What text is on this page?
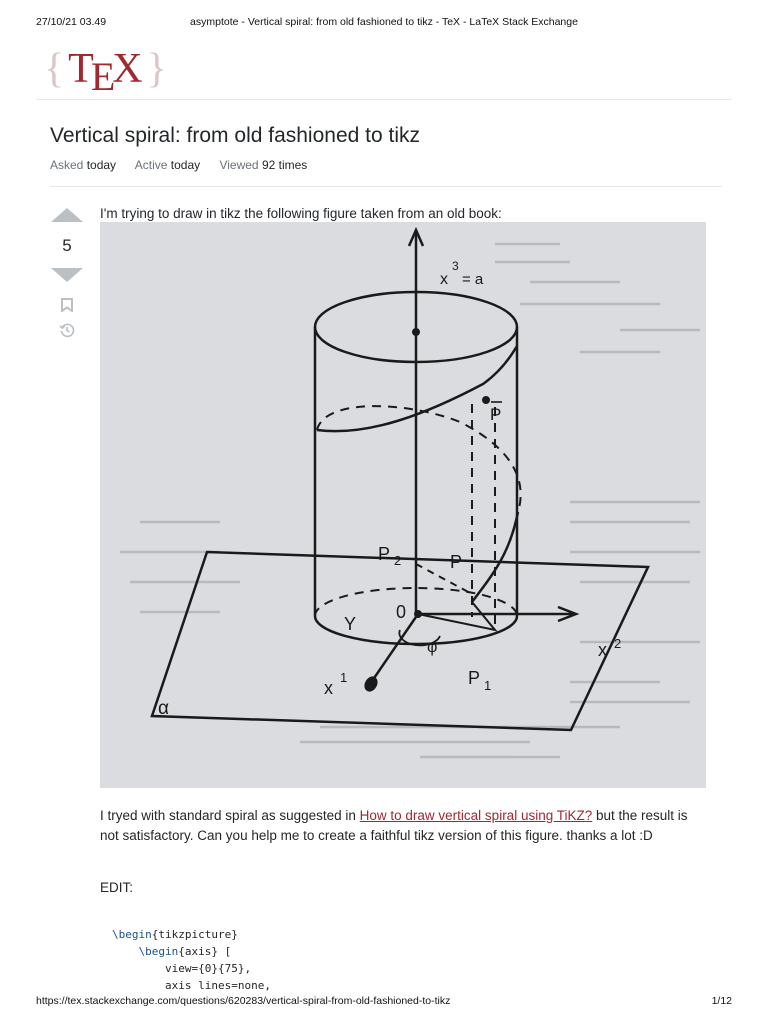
27/10/21 03.49	asymptote - Vertical spiral: from old fashioned to tikz - TeX - LaTeX Stack Exchange
{ TEX }
Vertical spiral: from old fashioned to tikz
Asked today Active today Viewed 92 times
5

I'm trying to draw in tikz the following figure taken from an old book:

x
3
= a
P
P 2	P
Y
0
φ	x 2
x
1	P 1
α

I tryed with standard spiral as suggested in How to draw vertical spiral using TiKZ? but the result is not satisfactory. Can you help me to create a faithful tikz version of this figure. thanks a lot :D

EDIT:

\begin{tikzpicture}
\begin{axis} [
view={0}{75},
axis lines=none,
https://tex.stackexchange.com/questions/620283/vertical-spiral-from-old-fashioned-to-tikz	1/12
